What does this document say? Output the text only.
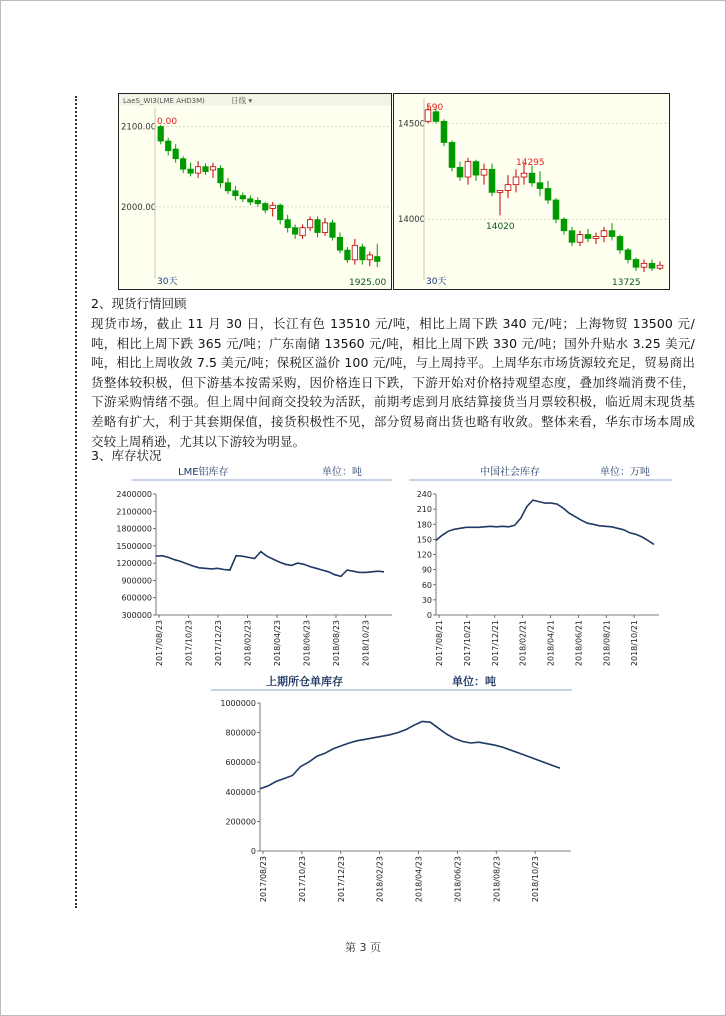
LaeS_WI3(LME AHD3M)	日线 ▾
2100.00
2000.00
0.00
1925.00
30天
14500
14000
590
14295
14020
13725
30天
2、现货行情回顾
现货市场，截止 11 月 30 日，长江有色 13510 元/吨，相比上周下跌 340 元/吨；上海物贸 13500 元/吨，相比上周下跌 365 元/吨；广东南储 13560 元/吨，相比上周下跌 330 元/吨；国外升贴水 3.25 美元/吨，相比上周收敛 7.5 美元/吨；保税区溢价 100 元/吨，与上周持平。上周华东市场货源较充足，贸易商出货整体较积极，但下游基本按需采购，因价格连日下跌，下游开始对价格持观望态度，叠加终端消费不佳，下游采购情绪不强。但上周中间商交投较为活跃，前期考虑到月底结算接货当月票较积极，临近周末现货基差略有扩大，利于其套期保值，接货积极性不见，部分贸易商出货也略有收敛。整体来看，华东市场本周成交较上周稍逊，尤其以下游较为明显。
3、库存状况
LME铝库存	单位：吨
300000
600000
900000
1200000
1500000
1800000
2100000
2400000
2017/08/23	2017/10/23	2017/12/23	2018/02/23	2018/04/23	2018/06/23	2018/08/23	2018/10/23
中国社会库存	单位：万吨
0
30
60
90
120
150
180
210
240
2017/08/21 2017/10/21 2017/12/21 2018/02/21 2018/04/21 2018/06/21 2018/08/21 2018/10/21
上期所仓单库存	单位：吨
0
200000
400000
600000
800000
1000000
2017/08/23	2017/10/23	2017/12/23	2018/02/23	2018/04/23	2018/06/23	2018/08/23	2018/10/23
第 3 页
